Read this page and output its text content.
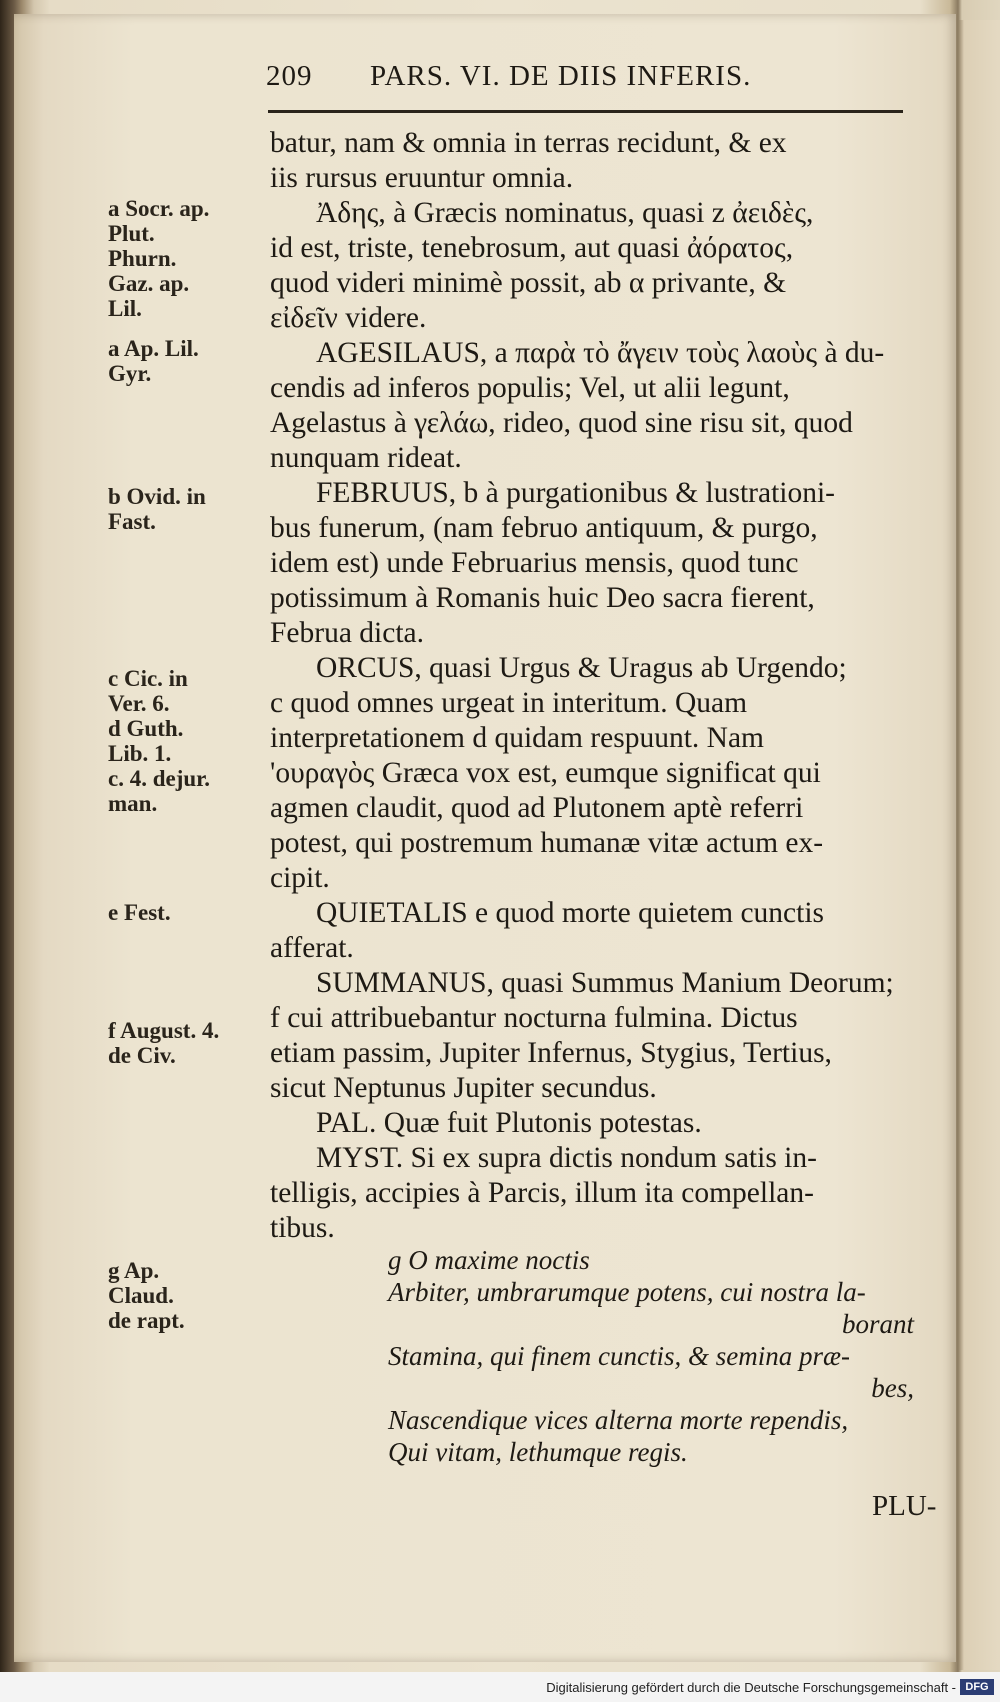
209 PARS. VI. DE DIIS INFERIS.
a Socr. ap.
Plut.
Phurn.
Gaz. ap.
Lil.
a Ap. Lil.
Gyr.
b Ovid. in
Fast.
c Cic. in
Ver. 6.
d Guth.
Lib. 1.
c. 4. dejur.
man.
e Fest.
f August. 4.
de Civ.
g Ap.
Claud.
de rapt.
batur, nam & omnia in terras recidunt, & ex
iis rursus eruuntur omnia.
Ἀδης, à Græcis nominatus, quasi z ἀειδὲς,
id est, triste, tenebrosum, aut quasi ἀόρατος,
quod videri minimè possit, ab α privante, &
εἰδεῖν videre.
AGESILAUS, a παρὰ τὸ ἄγειν τοὺς λαοὺς à du-
cendis ad inferos populis; Vel, ut alii legunt,
Agelastus à γελάω, rideo, quod sine risu sit, quod
nunquam rideat.
FEBRUUS, b à purgationibus & lustrationi-
bus funerum, (nam februo antiquum, & purgo,
idem est) unde Februarius mensis, quod tunc
potissimum à Romanis huic Deo sacra fierent,
Februa dicta.
ORCUS, quasi Urgus & Uragus ab Urgendo;
c quod omnes urgeat in interitum. Quam
interpretationem d quidam respuunt. Nam
'ουραγὸς Græca vox est, eumque significat qui
agmen claudit, quod ad Plutonem aptè referri
potest, qui postremum humanæ vitæ actum ex-
cipit.
QUIETALIS e quod morte quietem cunctis
afferat.
SUMMANUS, quasi Summus Manium Deorum;
f cui attribuebantur nocturna fulmina. Dictus
etiam passim, Jupiter Infernus, Stygius, Tertius,
sicut Neptunus Jupiter secundus.
PAL. Quæ fuit Plutonis potestas.
MYST. Si ex supra dictis nondum satis in-
telligis, accipies à Parcis, illum ita compellan-
tibus.
g O maxime noctis
Arbiter, umbrarumque potens, cui nostra la-
borant
Stamina, qui finem cunctis, & semina præ-
bes,
Nascendique vices alterna morte rependis,
Qui vitam, lethumque regis.
PLU-
Digitalisierung gefördert durch die Deutsche Forschungsgemeinschaft - DFG
